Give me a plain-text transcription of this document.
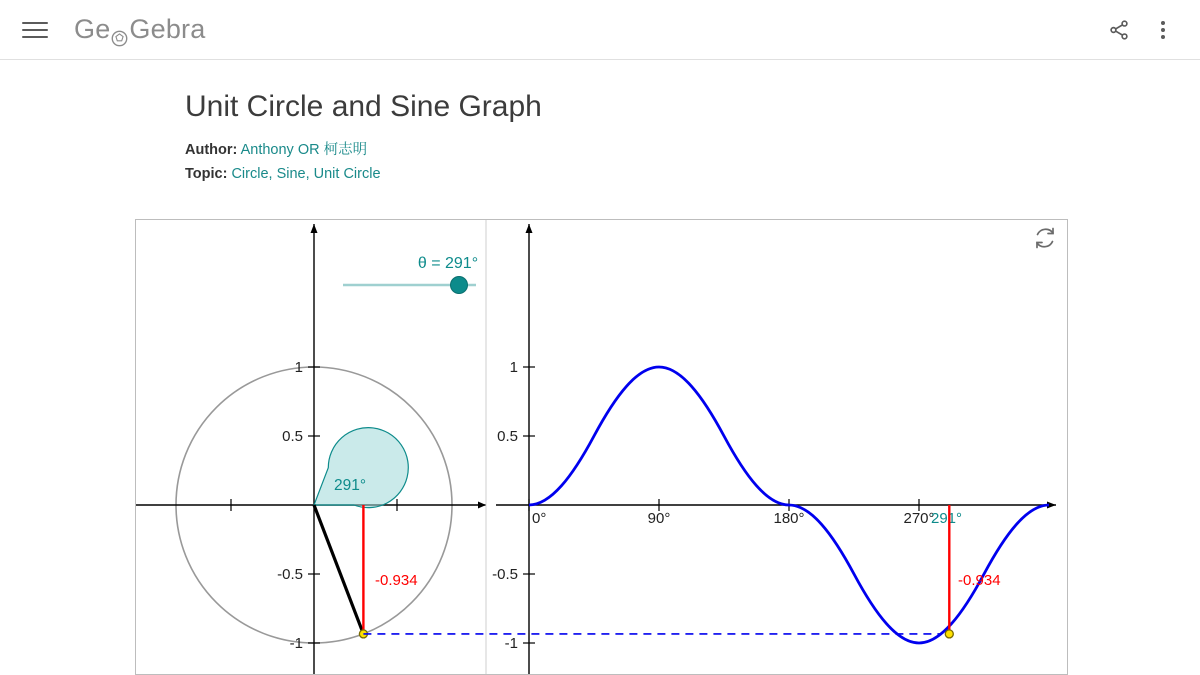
Ge Gebra
Unit Circle and Sine Graph
Author: Anthony OR 柯志明
Topic: Circle, Sine, Unit Circle
1
0.5
-0.5
-1
291°
-0.934
θ = 291°
1
0.5
-0.5
-1
0°	90°	180°	270°
291°
-0.934
